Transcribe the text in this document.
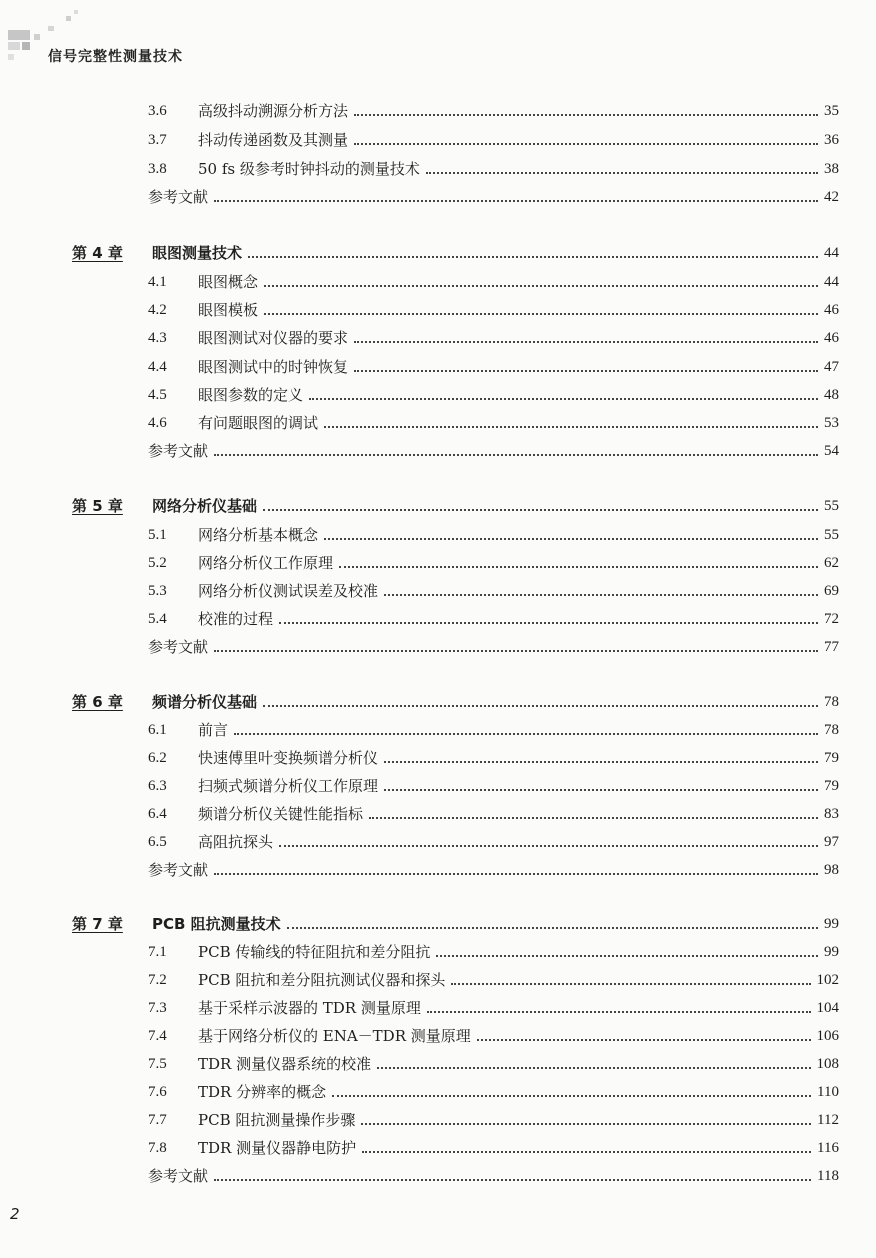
信号完整性测量技术
3.6	高级抖动溯源分析方法	35
3.7	抖动传递函数及其测量	36
3.8	50 fs 级参考时钟抖动的测量技术	38
参考文献	42
第 4 章	眼图测量技术	44
4.1	眼图概念	44
4.2	眼图模板	46
4.3	眼图测试对仪器的要求	46
4.4	眼图测试中的时钟恢复	47
4.5	眼图参数的定义	48
4.6	有问题眼图的调试	53
参考文献	54
第 5 章	网络分析仪基础	55
5.1	网络分析基本概念	55
5.2	网络分析仪工作原理	62
5.3	网络分析仪测试误差及校准	69
5.4	校准的过程	72
参考文献	77
第 6 章	频谱分析仪基础	78
6.1	前言	78
6.2	快速傅里叶变换频谱分析仪	79
6.3	扫频式频谱分析仪工作原理	79
6.4	频谱分析仪关键性能指标	83
6.5	高阻抗探头	97
参考文献	98
第 7 章	PCB 阻抗测量技术	99
7.1	PCB 传输线的特征阻抗和差分阻抗	99
7.2	PCB 阻抗和差分阻抗测试仪器和探头	102
7.3	基于采样示波器的 TDR 测量原理	104
7.4	基于网络分析仪的 ENA－TDR 测量原理	106
7.5	TDR 测量仪器系统的校准	108
7.6	TDR 分辨率的概念	110
7.7	PCB 阻抗测量操作步骤	112
7.8	TDR 测量仪器静电防护	116
参考文献	118
2
